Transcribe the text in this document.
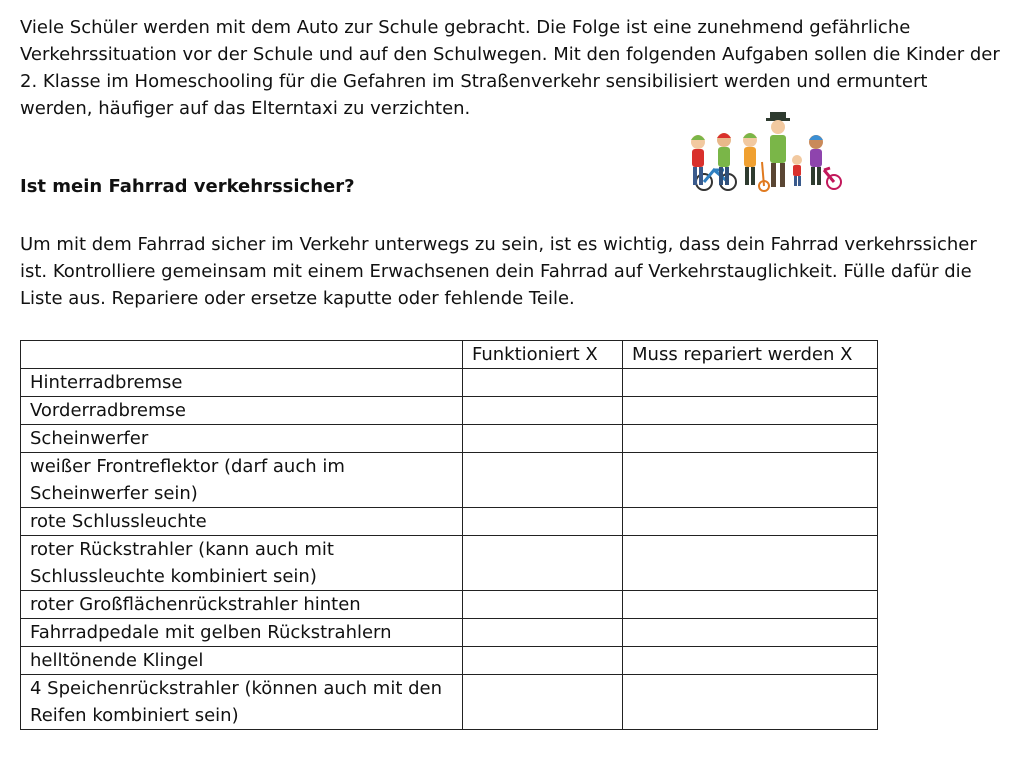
Viele Schüler werden mit dem Auto zur Schule gebracht. Die Folge ist eine zunehmend gefährliche Verkehrssituation vor der Schule und auf den Schulwegen. Mit den folgenden Aufgaben sollen die Kinder der 2. Klasse im Homeschooling für die Gefahren im Straßenverkehr sensibilisiert werden und ermuntert werden, häufiger auf das Elterntaxi zu verzichten.

Ist mein Fahrrad verkehrssicher?

Um mit dem Fahrrad sicher im Verkehr unterwegs zu sein, ist es wichtig, dass dein Fahrrad verkehrssicher ist. Kontrolliere gemeinsam mit einem Erwachsenen dein Fahrrad auf Verkehrstauglichkeit. Fülle dafür die Liste aus. Repariere oder ersetze kaputte oder fehlende Teile.

	Funktioniert X	Muss repariert werden X
Hinterradbremse		
Vorderradbremse		
Scheinwerfer		
weißer Frontreflektor (darf auch im Scheinwerfer sein)		
rote Schlussleuchte		
roter Rückstrahler (kann auch mit Schlussleuchte kombiniert sein)		
roter Großflächenrückstrahler hinten		
Fahrradpedale mit gelben Rückstrahlern		
helltönende Klingel		
4 Speichenrückstrahler (können auch mit den Reifen kombiniert sein)		
